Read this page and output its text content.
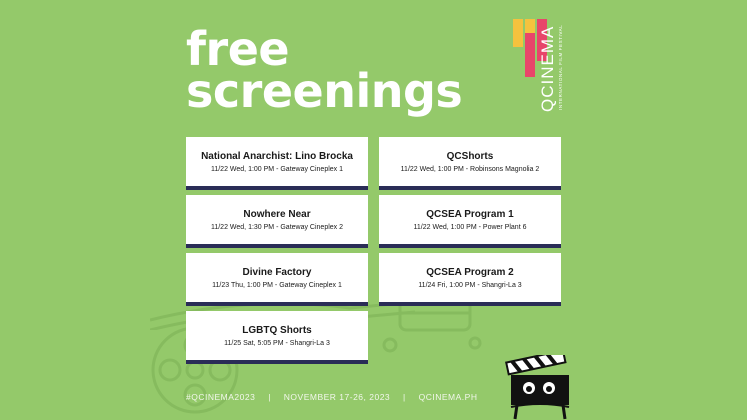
free
screenings	QCINEMA INTERNATIONAL FILM FESTIVAL
National Anarchist: Lino Brocka
11/22 Wed, 1:00 PM - Gateway Cineplex 1
QCShorts
11/22 Wed, 1:00 PM - Robinsons Magnolia 2
Nowhere Near
11/22 Wed, 1:30 PM - Gateway Cineplex 2
QCSEA Program 1
11/22 Wed, 1:00 PM - Power Plant 6
Divine Factory
11/23 Thu, 1:00 PM - Gateway Cineplex 1
QCSEA Program 2
11/24 Fri, 1:00 PM - Shangri-La 3
LGBTQ Shorts
11/25 Sat, 5:05 PM - Shangri-La 3
#QCINEMA2023 | NOVEMBER 17-26, 2023 | QCINEMA.PH
